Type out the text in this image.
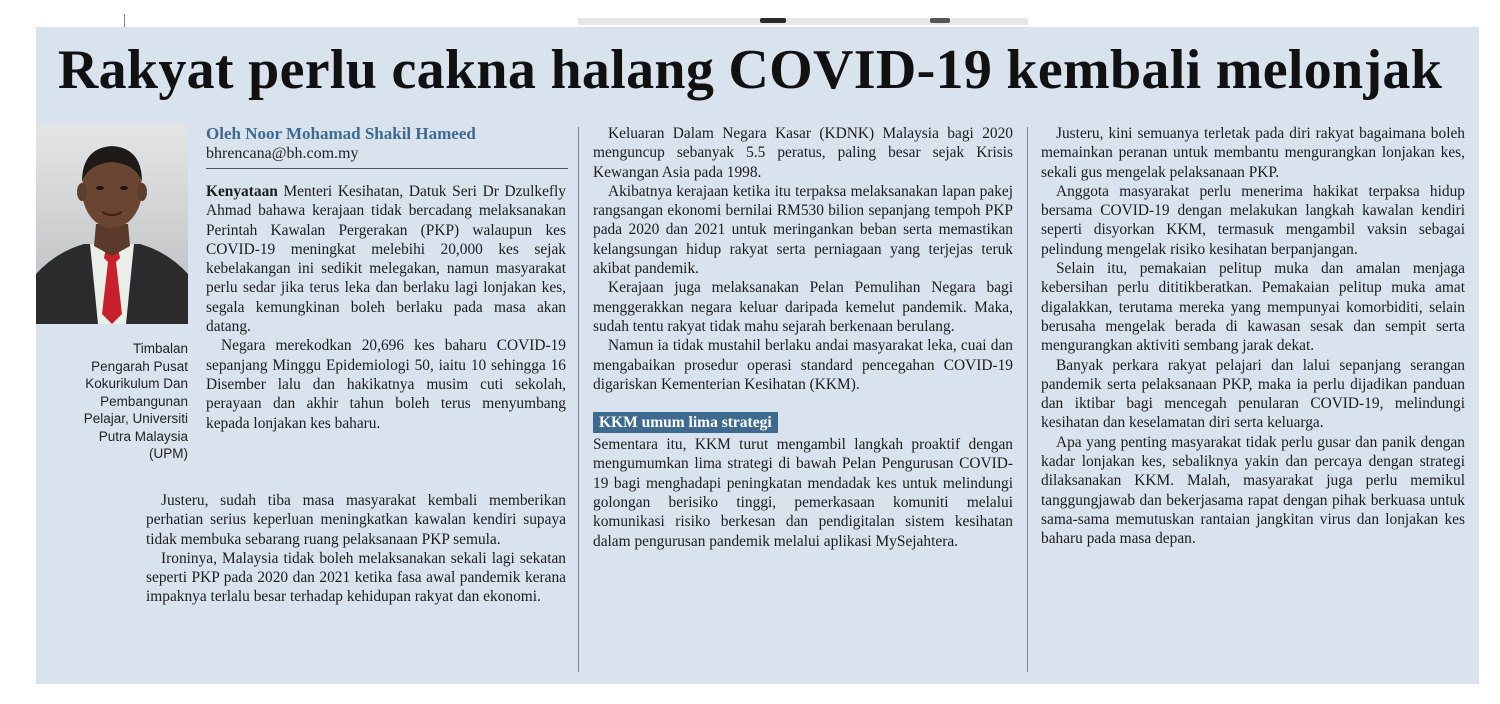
Rakyat perlu cakna halang COVID-19 kembali melonjak
Timbalan
Pengarah Pusat
Kokurikulum Dan
Pembangunan
Pelajar, Universiti
Putra Malaysia
(UPM)
Oleh Noor Mohamad Shakil Hameed
bhrencana@bh.com.my

Kenyataan Menteri Kesihatan, Datuk Seri Dr Dzulkefly Ahmad bahawa kerajaan tidak bercadang melaksanakan Perintah Kawalan Pergerakan (PKP) walaupun kes COVID-19 meningkat melebihi 20,000 kes sejak kebelakangan ini sedikit melegakan, namun masyarakat perlu sedar jika terus leka dan berlaku lagi lonjakan kes, segala kemungkinan boleh berlaku pada masa akan datang.

Negara merekodkan 20,696 kes baharu COVID-19 sepanjang Minggu Epidemiologi 50, iaitu 10 sehingga 16 Disember lalu dan hakikatnya musim cuti sekolah, perayaan dan akhir tahun boleh terus menyumbang kepada lonjakan kes baharu.

Justeru, sudah tiba masa masyarakat kembali memberikan perhatian serius keperluan meningkatkan kawalan kendiri supaya tidak membuka sebarang ruang pelaksanaan PKP semula.

Ironinya, Malaysia tidak boleh melaksanakan sekali lagi sekatan seperti PKP pada 2020 dan 2021 ketika fasa awal pandemik kerana impaknya terlalu besar terhadap kehidupan rakyat dan ekonomi.

Keluaran Dalam Negara Kasar (KDNK) Malaysia bagi 2020 menguncup sebanyak 5.5 peratus, paling besar sejak Krisis Kewangan Asia pada 1998.

Akibatnya kerajaan ketika itu terpaksa melaksanakan lapan pakej rangsangan ekonomi bernilai RM530 bilion sepanjang tempoh PKP pada 2020 dan 2021 untuk meringankan beban serta memastikan kelangsungan hidup rakyat serta perniagaan yang terjejas teruk akibat pandemik.

Kerajaan juga melaksanakan Pelan Pemulihan Negara bagi menggerakkan negara keluar daripada kemelut pandemik. Maka, sudah tentu rakyat tidak mahu sejarah berkenaan berulang.

Namun ia tidak mustahil berlaku andai masyarakat leka, cuai dan mengabaikan prosedur operasi standard pencegahan COVID-19 digariskan Kementerian Kesihatan (KKM).

KKM umum lima strategi

Sementara itu, KKM turut mengambil langkah proaktif dengan mengumumkan lima strategi di bawah Pelan Pengurusan COVID-19 bagi menghadapi peningkatan mendadak kes untuk melindungi golongan berisiko tinggi, pemerkasaan komuniti melalui komunikasi risiko berkesan dan pendigitalan sistem kesihatan dalam pengurusan pandemik melalui aplikasi MySejahtera.

Justeru, kini semuanya terletak pada diri rakyat bagaimana boleh memainkan peranan untuk membantu mengurangkan lonjakan kes, sekali gus mengelak pelaksanaan PKP.

Anggota masyarakat perlu menerima hakikat terpaksa hidup bersama COVID-19 dengan melakukan langkah kawalan kendiri seperti disyorkan KKM, termasuk mengambil vaksin sebagai pelindung mengelak risiko kesihatan berpanjangan.

Selain itu, pemakaian pelitup muka dan amalan menjaga kebersihan perlu dititikberatkan. Pemakaian pelitup muka amat digalakkan, terutama mereka yang mempunyai komorbiditi, selain berusaha mengelak berada di kawasan sesak dan sempit serta mengurangkan aktiviti sembang jarak dekat.

Banyak perkara rakyat pelajari dan lalui sepanjang serangan pandemik serta pelaksanaan PKP, maka ia perlu dijadikan panduan dan iktibar bagi mencegah penularan COVID-19, melindungi kesihatan dan keselamatan diri serta keluarga.

Apa yang penting masyarakat tidak perlu gusar dan panik dengan kadar lonjakan kes, sebaliknya yakin dan percaya dengan strategi dilaksanakan KKM. Malah, masyarakat juga perlu memikul tanggungjawab dan bekerjasama rapat dengan pihak berkuasa untuk sama-sama memutuskan rantaian jangkitan virus dan lonjakan kes baharu pada masa depan.
